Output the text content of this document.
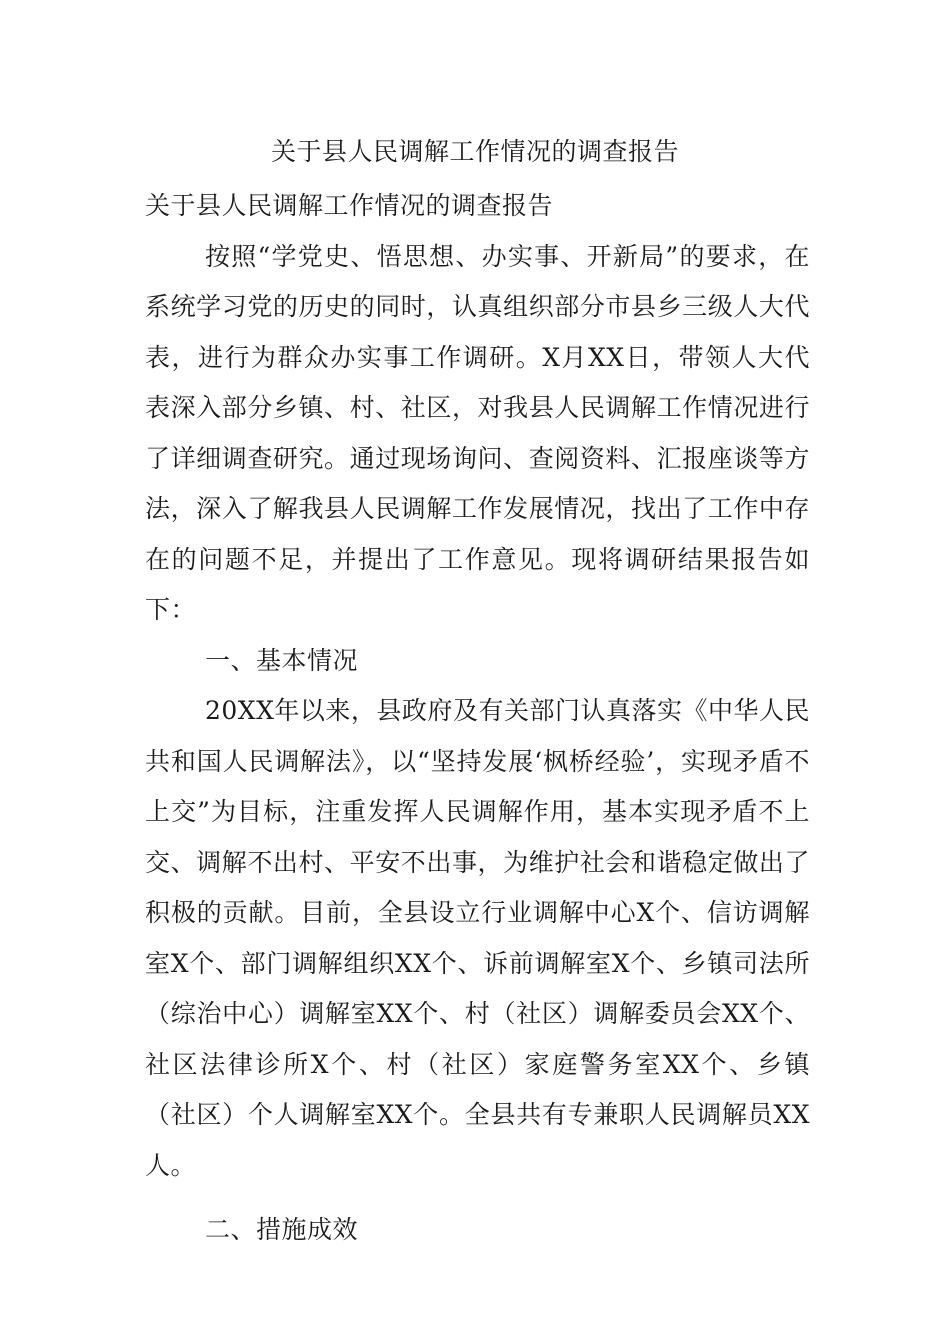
关于县人民调解工作情况的调查报告

关于县人民调解工作情况的调查报告

按照“学党史、悟思想、办实事、开新局”的要求，在系统学习党的历史的同时，认真组织部分市县乡三级人大代表，进行为群众办实事工作调研。X月XX日，带领人大代表深入部分乡镇、村、社区，对我县人民调解工作情况进行了详细调查研究。通过现场询问、查阅资料、汇报座谈等方法，深入了解我县人民调解工作发展情况，找出了工作中存在的问题不足，并提出了工作意见。现将调研结果报告如下：

一、基本情况

20XX年以来，县政府及有关部门认真落实《中华人民共和国人民调解法》，以“坚持发展‘枫桥经验’，实现矛盾不上交”为目标，注重发挥人民调解作用，基本实现矛盾不上交、调解不出村、平安不出事，为维护社会和谐稳定做出了积极的贡献。目前，全县设立行业调解中心X个、信访调解室X个、部门调解组织XX个、诉前调解室X个、乡镇司法所（综治中心）调解室XX个、村（社区）调解委员会XX个、社区法律诊所X个、村（社区）家庭警务室XX个、乡镇（社区）个人调解室XX个。全县共有专兼职人民调解员XX人。

二、措施成效
